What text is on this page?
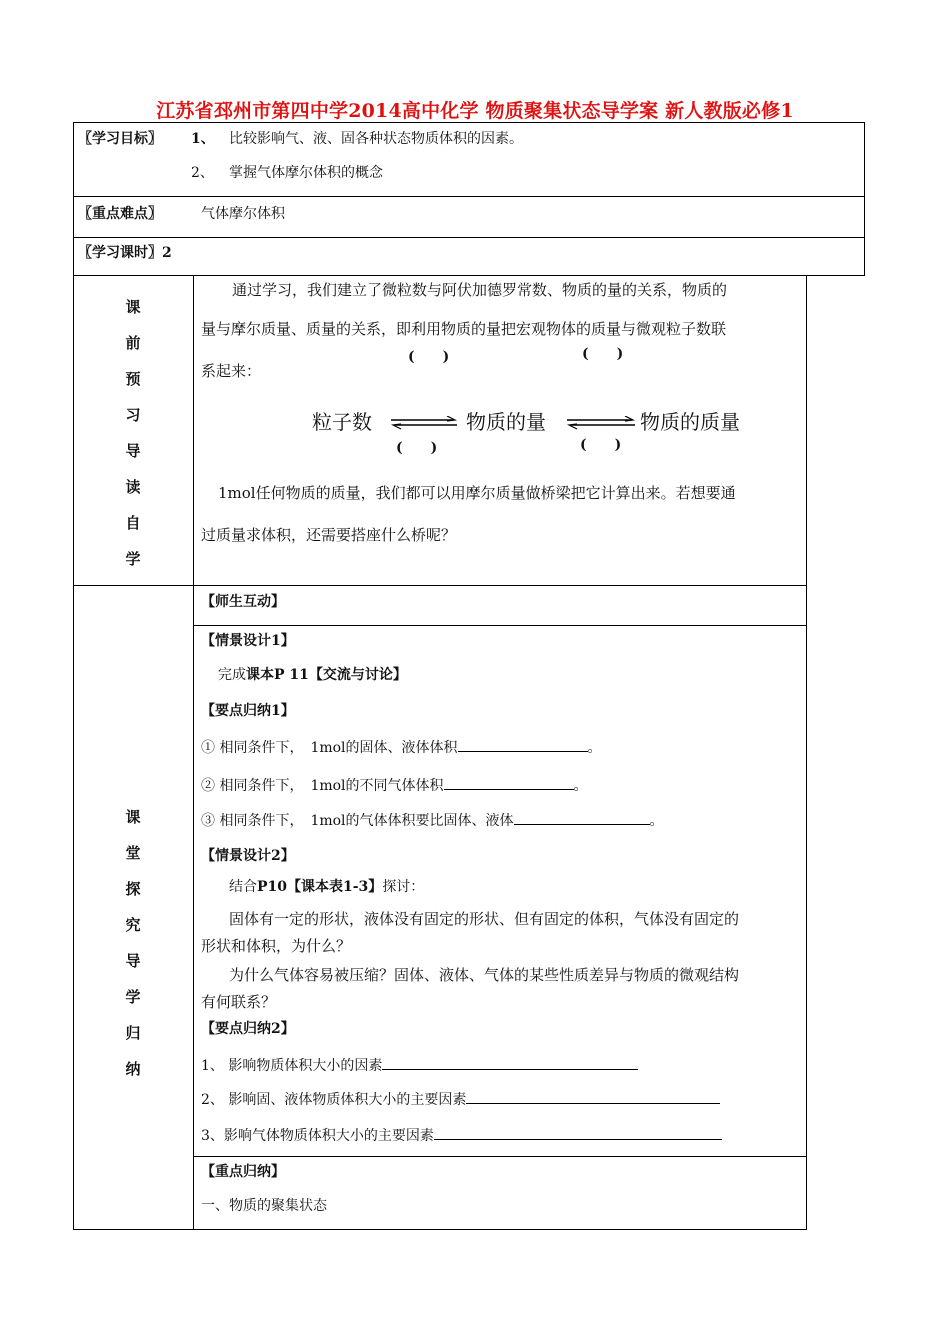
江苏省邳州市第四中学2014高中化学 物质聚集状态导学案 新人教版必修1
〖学习目标〗 1、 比较影响气、液、固各种状态物质体积的因素。
2、 掌握气体摩尔体积的概念
〖重点难点〗	气体摩尔体积
〖学习课时〗2
课
前
预
习
导
读
自
学
通过学习，我们建立了微粒数与阿伏加德罗常数、物质的量的关系，物质的
量与摩尔质量、质量的关系，即利用物质的量把宏观物体的质量与微观粒子数联
(　　)	(　　)
系起来：
粒子数	物质的量	物质的质量
(　　)	(　　)
1mol任何物质的质量，我们都可以用摩尔质量做桥梁把它计算出来。若想要通
过质量求体积，还需要搭座什么桥呢？
课
堂
探
究
导
学
归
纳
【师生互动】
【情景设计1】
完成课本P 11【交流与讨论】
【要点归纳1】
① 相同条件下，　1mol的固体、液体体积	。
② 相同条件下，　1mol的不同气体体积	。
③ 相同条件下，　1mol的气体体积要比固体、液体	。
【情景设计2】
结合P10【课本表1-3】探讨：
固体有一定的形状，液体没有固定的形状、但有固定的体积，气体没有固定的
形状和体积，为什么？
为什么气体容易被压缩？固体、液体、气体的某些性质差异与物质的微观结构
有何联系？
【要点归纳2】
1、 影响物质体积大小的因素
2、 影响固、液体物质体积大小的主要因素
3、影响气体物质体积大小的主要因素
【重点归纳】
一、物质的聚集状态
